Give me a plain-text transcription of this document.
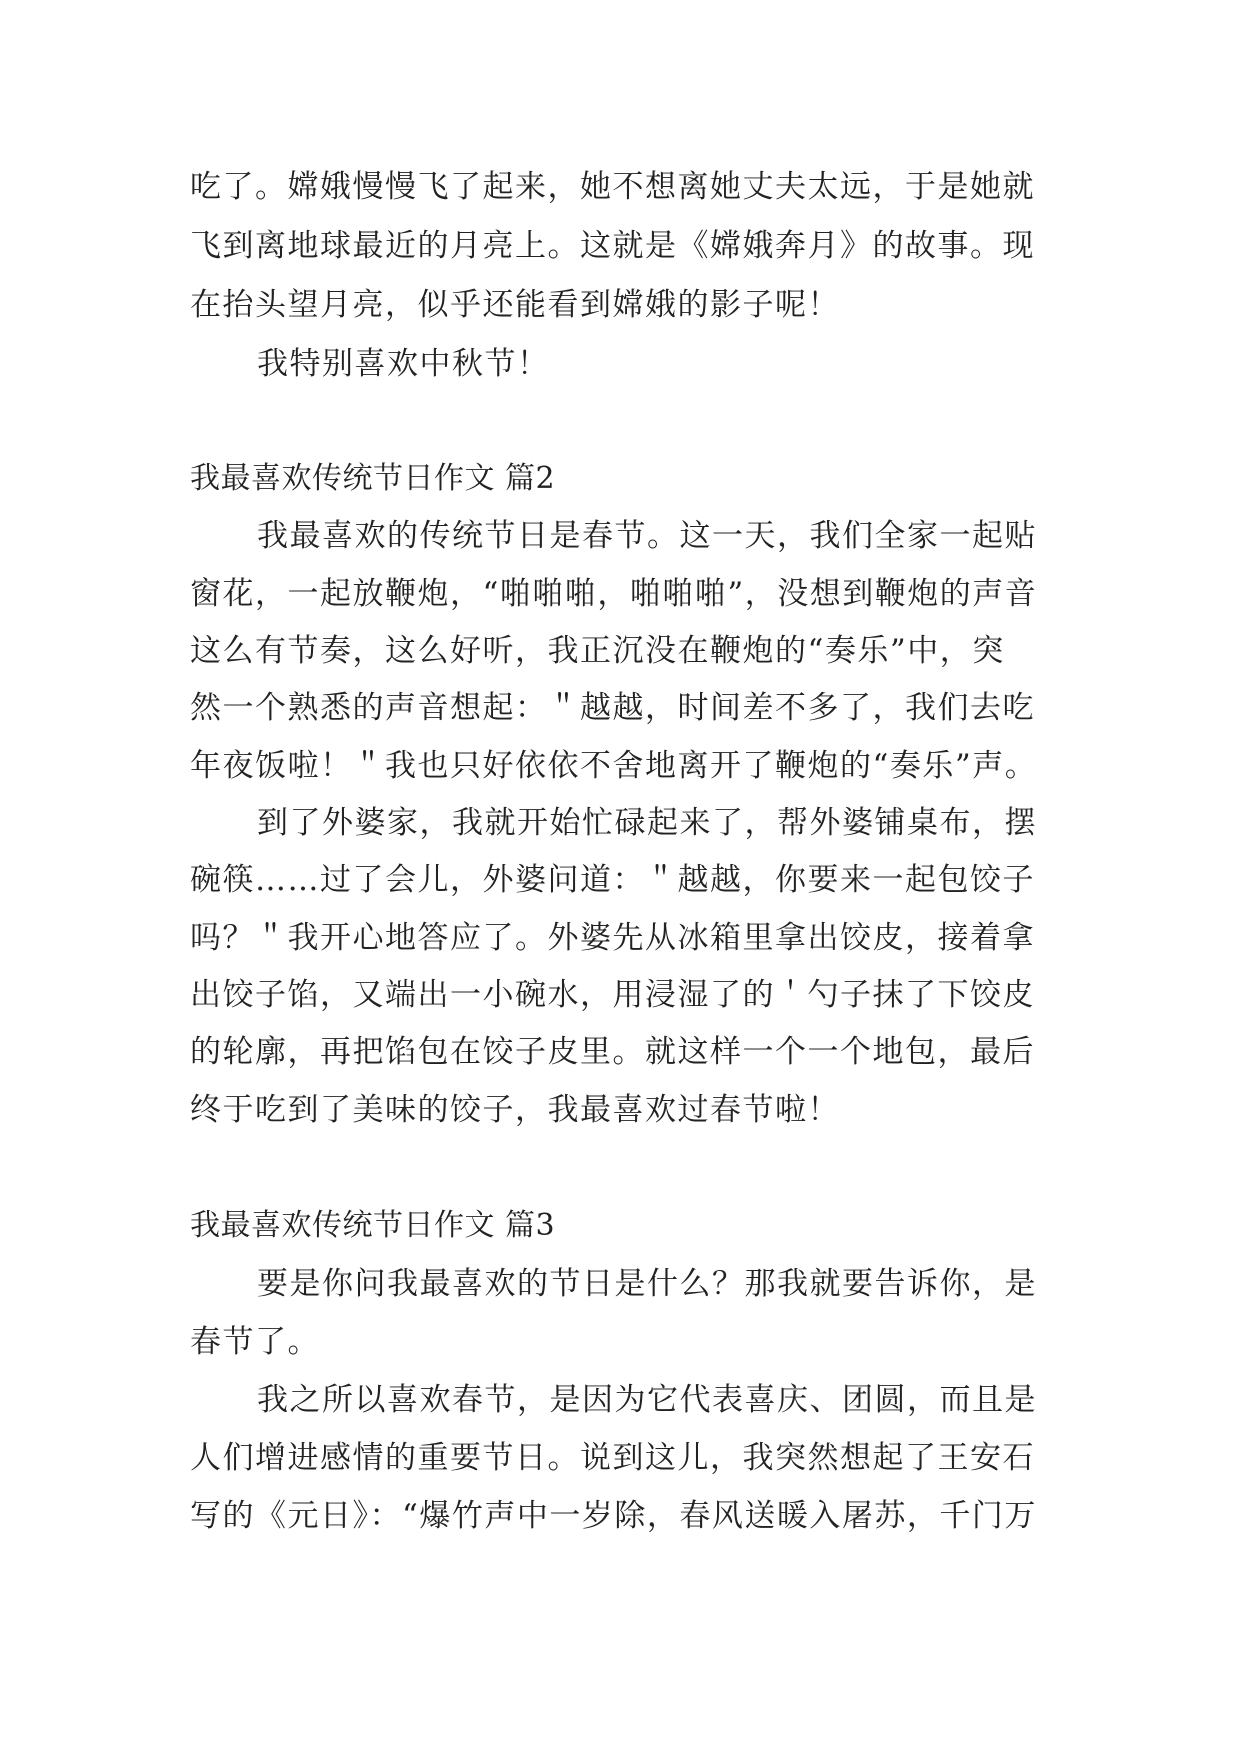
吃了。嫦娥慢慢飞了起来，她不想离她丈夫太远，于是她就
飞到离地球最近的月亮上。这就是《嫦娥奔月》的故事。现
在抬头望月亮，似乎还能看到嫦娥的影子呢！
我特别喜欢中秋节！
我最喜欢传统节日作文 篇2
我最喜欢的传统节日是春节。这一天，我们全家一起贴
窗花，一起放鞭炮，“啪啪啪，啪啪啪”，没想到鞭炮的声音
这么有节奏，这么好听，我正沉没在鞭炮的“奏乐”中，突
然一个熟悉的声音想起：＂越越，时间差不多了，我们去吃
年夜饭啦！＂我也只好依依不舍地离开了鞭炮的“奏乐”声。
到了外婆家，我就开始忙碌起来了，帮外婆铺桌布，摆
碗筷……过了会儿，外婆问道：＂越越，你要来一起包饺子
吗？＂我开心地答应了。外婆先从冰箱里拿出饺皮，接着拿
出饺子馅，又端出一小碗水，用浸湿了的＇勺子抹了下饺皮
的轮廓，再把馅包在饺子皮里。就这样一个一个地包，最后
终于吃到了美味的饺子，我最喜欢过春节啦！
我最喜欢传统节日作文 篇3
要是你问我最喜欢的节日是什么？那我就要告诉你，是
春节了。
我之所以喜欢春节，是因为它代表喜庆、团圆，而且是
人们增进感情的重要节日。说到这儿，我突然想起了王安石
写的《元日》：“爆竹声中一岁除，春风送暖入屠苏，千门万
